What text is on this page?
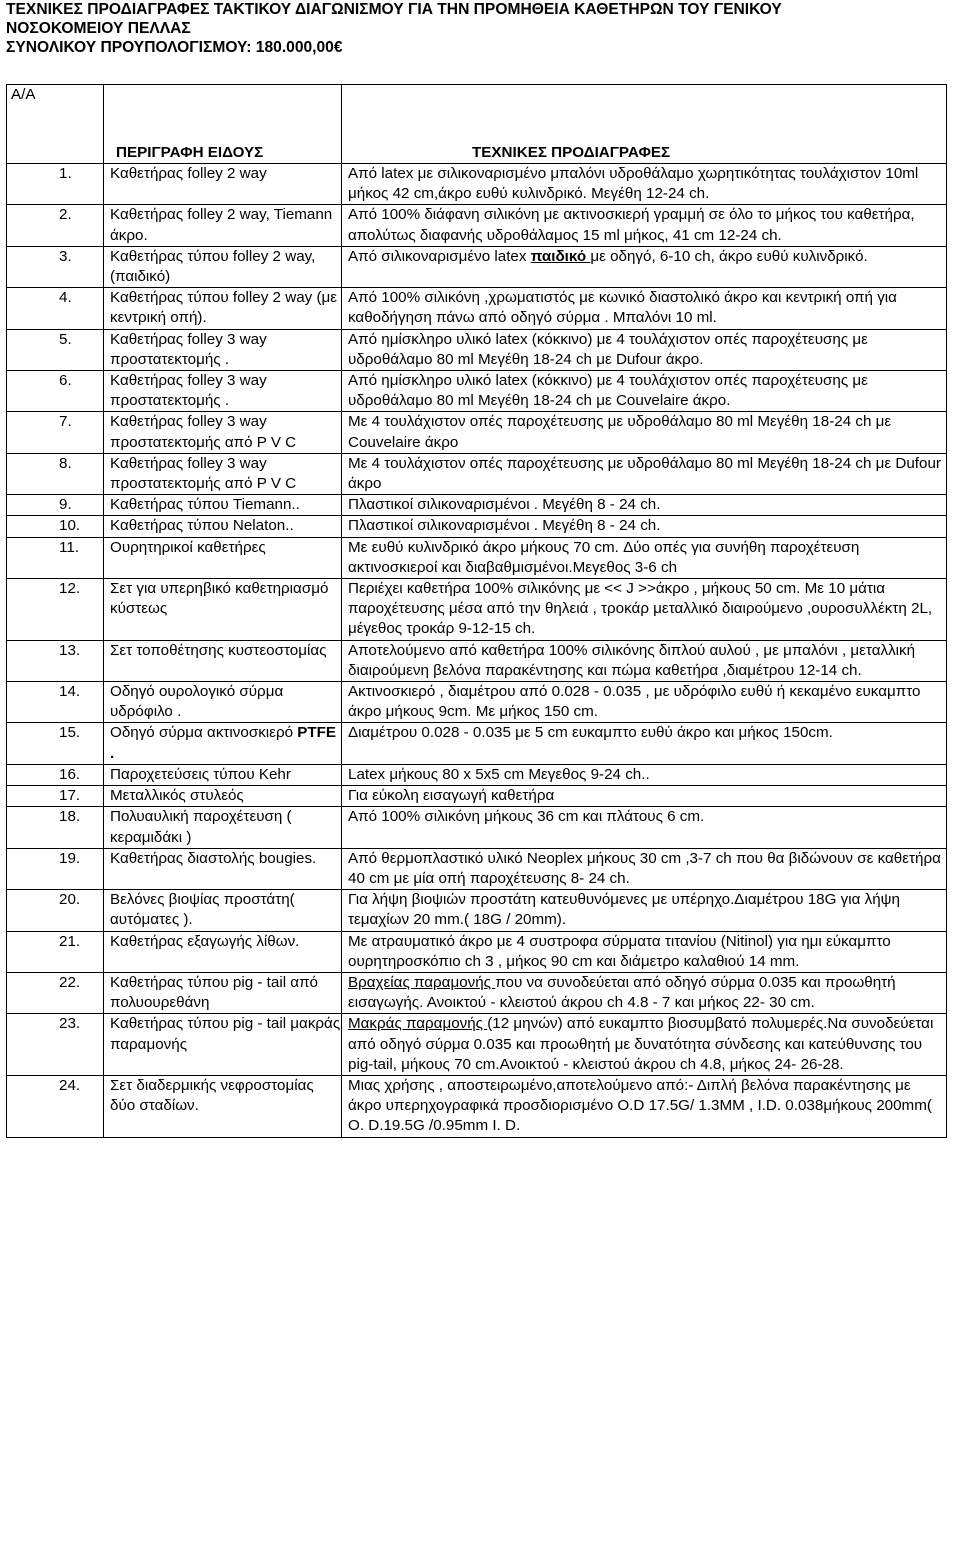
ΤΕΧΝΙΚΕΣ ΠΡΟΔΙΑΓΡΑΦΕΣ ΤΑΚΤΙΚΟΥ ΔΙΑΓΩΝΙΣΜΟΥ ΓΙΑ ΤΗΝ ΠΡΟΜΗΘΕΙΑ ΚΑΘΕΤΗΡΩΝ ΤΟΥ ΓΕΝΙΚΟΥ
ΝΟΣΟΚΟΜΕΙΟΥ ΠΕΛΛΑΣ
ΣΥΝΟΛΙΚΟΥ ΠΡΟΥΠΟΛΟΓΙΣΜΟΥ: 180.000,00€
Α/Α	ΠΕΡΙΓΡΑΦΗ ΕΙΔΟΥΣ	ΤΕΧΝΙΚΕΣ ΠΡΟΔΙΑΓΡΑΦΕΣ
1.	Καθετήρας folley 2 way	Από latex με σιλικοναρισμένο μπαλόνι υδροθάλαμο χωρητικότητας τουλάχιστον 10ml μήκος 42 cm,άκρο ευθύ κυλινδρικό. Μεγέθη 12-24 ch.
2.	Καθετήρας folley 2 way, Tiemann άκρο.	Από 100% διάφανη σιλικόνη με ακτινοσκιερή γραμμή σε όλο το μήκος του καθετήρα, απολύτως διαφανής υδροθάλαμος 15 ml μήκος, 41 cm 12-24 ch.
3.	Καθετήρας τύπου folley 2 way, (παιδικό)	Από σιλικοναρισμένο latex παιδικό με οδηγό, 6-10 ch, άκρο ευθύ κυλινδρικό.
4.	Καθετήρας τύπου folley 2 way (με κεντρική οπή).	Από 100% σιλικόνη ,χρωματιστός με κωνικό διαστολικό άκρο και κεντρική οπή για καθοδήγηση πάνω από οδηγό σύρμα . Μπαλόνι 10 ml.
5.	Καθετήρας folley 3 way προστατεκτομής .	Από ημίσκληρο υλικό latex (κόκκινο) με 4 τουλάχιστον οπές παροχέτευσης με υδροθάλαμο 80 ml Μεγέθη 18-24 ch με Dufour άκρο.
6.	Καθετήρας folley 3 way προστατεκτομής .	Από ημίσκληρο υλικό latex (κόκκινο) με 4 τουλάχιστον οπές παροχέτευσης με υδροθάλαμο 80 ml Μεγέθη 18-24 ch με Couvelaire άκρο.
7.	Καθετήρας folley 3 way προστατεκτομής από P V C	Με 4 τουλάχιστον οπές παροχέτευσης με υδροθάλαμο 80 ml Μεγέθη 18-24 ch με Couvelaire άκρο
8.	Καθετήρας folley 3 way προστατεκτομής από P V C	Με 4 τουλάχιστον οπές παροχέτευσης με υδροθάλαμο 80 ml Μεγέθη 18-24 ch με Dufour άκρο
9.	Καθετήρας τύπου Tiemann..	Πλαστικοί σιλικοναρισμένοι . Μεγέθη 8 - 24 ch.
10.	Καθετήρας τύπου Nelaton..	Πλαστικοί σιλικοναρισμένοι . Μεγέθη 8 - 24 ch.
11.	Ουρητηρικοί καθετήρες	Με ευθύ κυλινδρικό άκρο μήκους 70 cm. Δύο οπές για συνήθη παροχέτευση ακτινοσκιεροί και διαβαθμισμένοι.Μεγεθος 3-6 ch
12.	Σετ για υπερηβικό καθετηριασμό κύστεως	Περιέχει καθετήρα 100% σιλικόνης με << J >>άκρο , μήκους 50 cm. Με 10 μάτια παροχέτευσης μέσα από την θηλειά , τροκάρ μεταλλικό διαιρούμενο ,ουροσυλλέκτη 2L, μέγεθος τροκάρ 9-12-15 ch.
13.	Σετ τοποθέτησης κυστεοστομίας	Αποτελούμενο από καθετήρα 100% σιλικόνης διπλού αυλού , με μπαλόνι , μεταλλική διαιρούμενη βελόνα παρακέντησης και πώμα καθετήρα ,διαμέτρου 12-14 ch.
14.	Οδηγό ουρολογικό σύρμα υδρόφιλο .	Ακτινοσκιερό , διαμέτρου από 0.028 - 0.035 , με υδρόφιλο ευθύ ή κεκαμένο ευκαμπτο άκρο μήκους 9cm. Με μήκος 150 cm.
15.	Οδηγό σύρμα ακτινοσκιερό PTFE .	Διαμέτρου 0.028 - 0.035 με 5 cm ευκαμπτο ευθύ άκρο και μήκος 150cm.
16.	Παροχετεύσεις τύπου Kehr	Latex μήκους 80 x 5x5 cm Μεγεθος 9-24 ch..
17.	Μεταλλικός στυλεός	Για εύκολη εισαγωγή καθετήρα
18.	Πολυαυλική παροχέτευση ( κεραμιδάκι )	Από 100% σιλικόνη μήκους 36 cm και πλάτους 6 cm.
19.	Καθετήρας διαστολής bougies.	Από θερμοπλαστικό υλικό Neoplex μήκους 30 cm ,3-7 ch που θα βιδώνουν σε καθετήρα 40 cm με μία οπή παροχέτευσης 8- 24 ch.
20.	Βελόνες βιοψίας προστάτη( αυτόματες ).	Για λήψη βιοψιών προστάτη κατευθυνόμενες με υπέρηχο.Διαμέτρου 18G για λήψη τεμαχίων 20 mm.( 18G / 20mm).
21.	Καθετήρας εξαγωγής λίθων.	Με ατραυματικό άκρο με 4 συστροφα σύρματα τιτανίου (Nitinol) για ημι εύκαμπτο ουρητηροσκόπιο ch 3 , μήκος 90 cm και διάμετρο καλαθιού 14 mm.
22.	Καθετήρας τύπου pig - tail από πολυουρεθάνη	Βραχείας παραμονής που να συνοδεύεται από οδηγό σύρμα 0.035 και προωθητή εισαγωγής. Ανοικτού - κλειστού άκρου ch 4.8 - 7 και μήκος 22- 30 cm.
23.	Καθετήρας τύπου pig - tail μακράς παραμονής	Μακράς παραμονής (12 μηνών) από ευκαμπτο βιοσυμβατό πολυμερές.Να συνοδεύεται από οδηγό σύρμα 0.035 και προωθητή με δυνατότητα σύνδεσης και κατεύθυνσης του pig-tail, μήκους 70 cm.Ανοικτού - κλειστού άκρου ch 4.8, μήκος 24- 26-28.
24.	Σετ διαδερμικής νεφροστομίας δύο σταδίων.	Μιας χρήσης , αποστειρωμένο,αποτελούμενο από:- Διπλή βελόνα παρακέντησης με άκρο υπερηχογραφικά προσδιορισμένο O.D 17.5G/ 1.3MM , I.D. 0.038μήκους 200mm( O. D.19.5G /0.95mm I. D.
